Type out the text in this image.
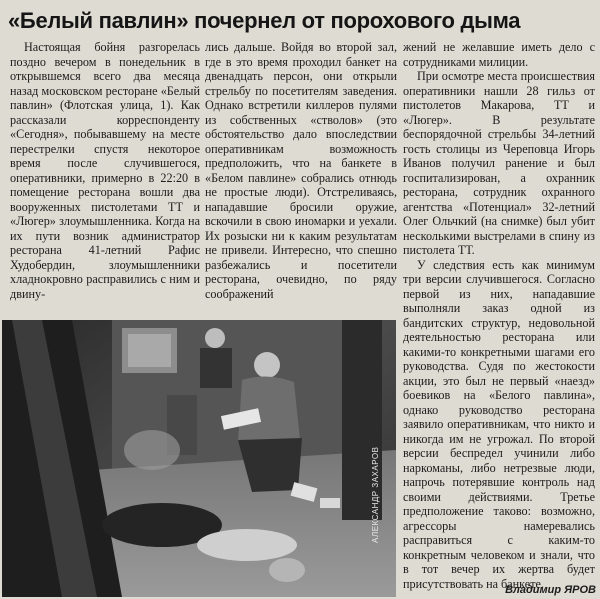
«Белый павлин» почернел от порохового дыма

Настоящая бойня разгорелась поздно вечером в понедельник в открывшемся всего два месяца назад московском ресторане «Белый павлин» (Флотская улица, 1). Как рассказали корреспонденту «Сегодня», побывавшему на месте перестрелки спустя некоторое время после случившегося, оперативники, примерно в 22:20 в помещение ресторана вошли два вооруженных пистолетами ТТ и «Люгер» злоумышленника. Когда на их пути возник администратор ресторана 41-летний Рафис Худобердин, злоумышленники хладнокровно расправились с ним и двину-

лись дальше. Войдя во второй зал, где в это время проходил банкет на двенадцать персон, они открыли стрельбу по посетителям заведения. Однако встретили киллеров пулями из собственных «стволов» (это обстоятельство дало впоследствии оперативникам возможность предположить, что на банкете в «Белом павлине» собрались отнюдь не простые люди). Отстреливаясь, нападавшие бросили оружие, вскочили в свою иномарки и уехали. Их розыски ни к каким результатам не привели. Интересно, что спешно разбежались и посетители ресторана, очевидно, по ряду соображений

жений не желавшие иметь дело с сотрудниками милиции.

При осмотре места происшествия оперативники нашли 28 гильз от пистолетов Макарова, ТТ и «Люгер». В результате беспорядочной стрельбы 34-летний гость столицы из Череповца Игорь Иванов получил ранение и был госпитализирован, а охранник ресторана, сотрудник охранного агентства «Потенциал» 32-летний Олег Ольчкий (на снимке) был убит несколькими выстрелами в спину из пистолета ТТ.

У следствия есть как минимум три версии случившегося. Согласно первой из них, нападавшие выполняли заказ одной из бандитских структур, недовольной деятельностью ресторана или какими-то конкретными шагами его руководства. Судя по жестокости акции, это был не первый «наезд» боевиков на «Белого павлина», однако руководство ресторана заявило оперативникам, что никто и никогда им не угрожал. По второй версии беспредел учинили либо наркоманы, либо нетрезвые люди, напрочь потерявшие контроль над своими действиями. Третье предположение таково: возможно, агрессоры намеревались расправиться с каким-то конкретным человеком и знали, что в тот вечер их жертва будет присутствовать на банкете.

АЛЕКСАНДР ЗАХАРОВ
Владимир ЯРОВ
